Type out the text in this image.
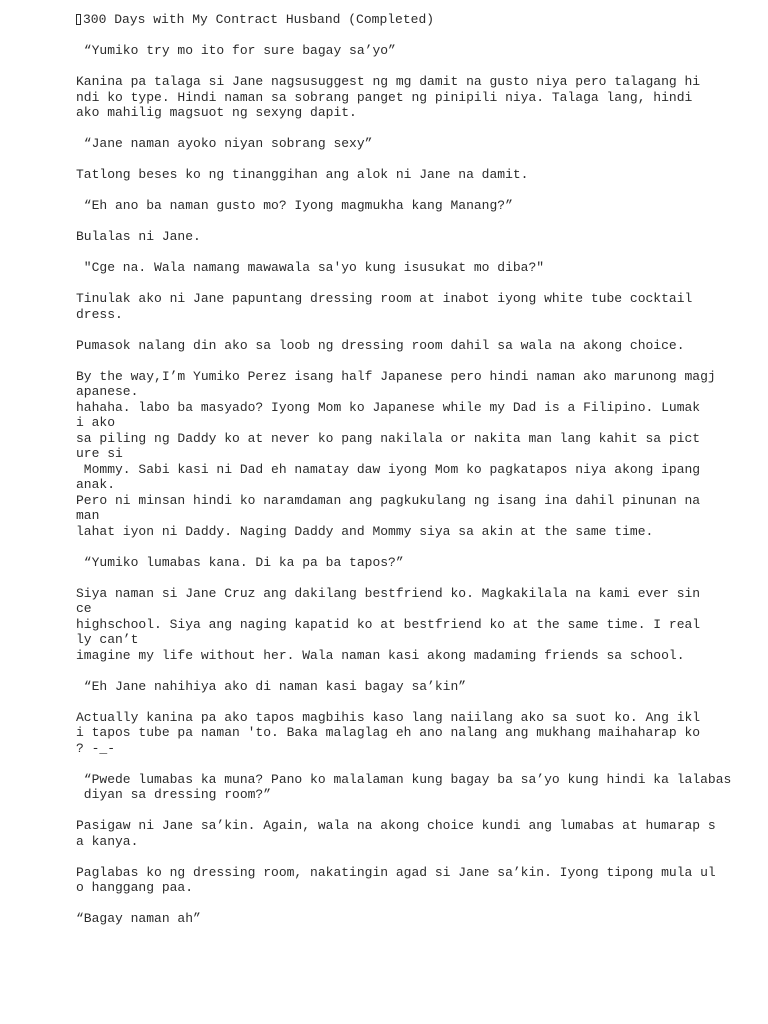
300 Days with My Contract Husband (Completed)

“Yumiko try mo ito for sure bagay sa’yo”

Kanina pa talaga si Jane nagsusuggest ng mg damit na gusto niya pero talagang hi
ndi ko type. Hindi naman sa sobrang panget ng pinipili niya. Talaga lang, hindi
ako mahilig magsuot ng sexyng dapit.

“Jane naman ayoko niyan sobrang sexy”

Tatlong beses ko ng tinanggihan ang alok ni Jane na damit.

“Eh ano ba naman gusto mo? Iyong magmukha kang Manang?”

Bulalas ni Jane.

"Cge na. Wala namang mawawala sa'yo kung isusukat mo diba?"

Tinulak ako ni Jane papuntang dressing room at inabot iyong white tube cocktail
dress.

Pumasok nalang din ako sa loob ng dressing room dahil sa wala na akong choice.

By the way,I’m Yumiko Perez isang half Japanese pero hindi naman ako marunong magj
apanese.
hahaha. labo ba masyado? Iyong Mom ko Japanese while my Dad is a Filipino. Lumak
i ako
sa piling ng Daddy ko at never ko pang nakilala or nakita man lang kahit sa pict
ure si
Mommy. Sabi kasi ni Dad eh namatay daw iyong Mom ko pagkatapos niya akong ipang
anak.
Pero ni minsan hindi ko naramdaman ang pagkukulang ng isang ina dahil pinunan na
man
lahat iyon ni Daddy. Naging Daddy and Mommy siya sa akin at the same time.

“Yumiko lumabas kana. Di ka pa ba tapos?”

Siya naman si Jane Cruz ang dakilang bestfriend ko. Magkakilala na kami ever sin
ce
highschool. Siya ang naging kapatid ko at bestfriend ko at the same time. I real
ly can’t
imagine my life without her. Wala naman kasi akong madaming friends sa school.

“Eh Jane nahihiya ako di naman kasi bagay sa’kin”

Actually kanina pa ako tapos magbihis kaso lang naiilang ako sa suot ko. Ang ikl
i tapos tube pa naman 'to. Baka malaglag eh ano nalang ang mukhang maihaharap ko
? -_-

“Pwede lumabas ka muna? Pano ko malalaman kung bagay ba sa’yo kung hindi ka lalabas
diyan sa dressing room?”

Pasigaw ni Jane sa’kin. Again, wala na akong choice kundi ang lumabas at humarap s
a kanya.

Paglabas ko ng dressing room, nakatingin agad si Jane sa’kin. Iyong tipong mula ul
o hanggang paa.

“Bagay naman ah”
